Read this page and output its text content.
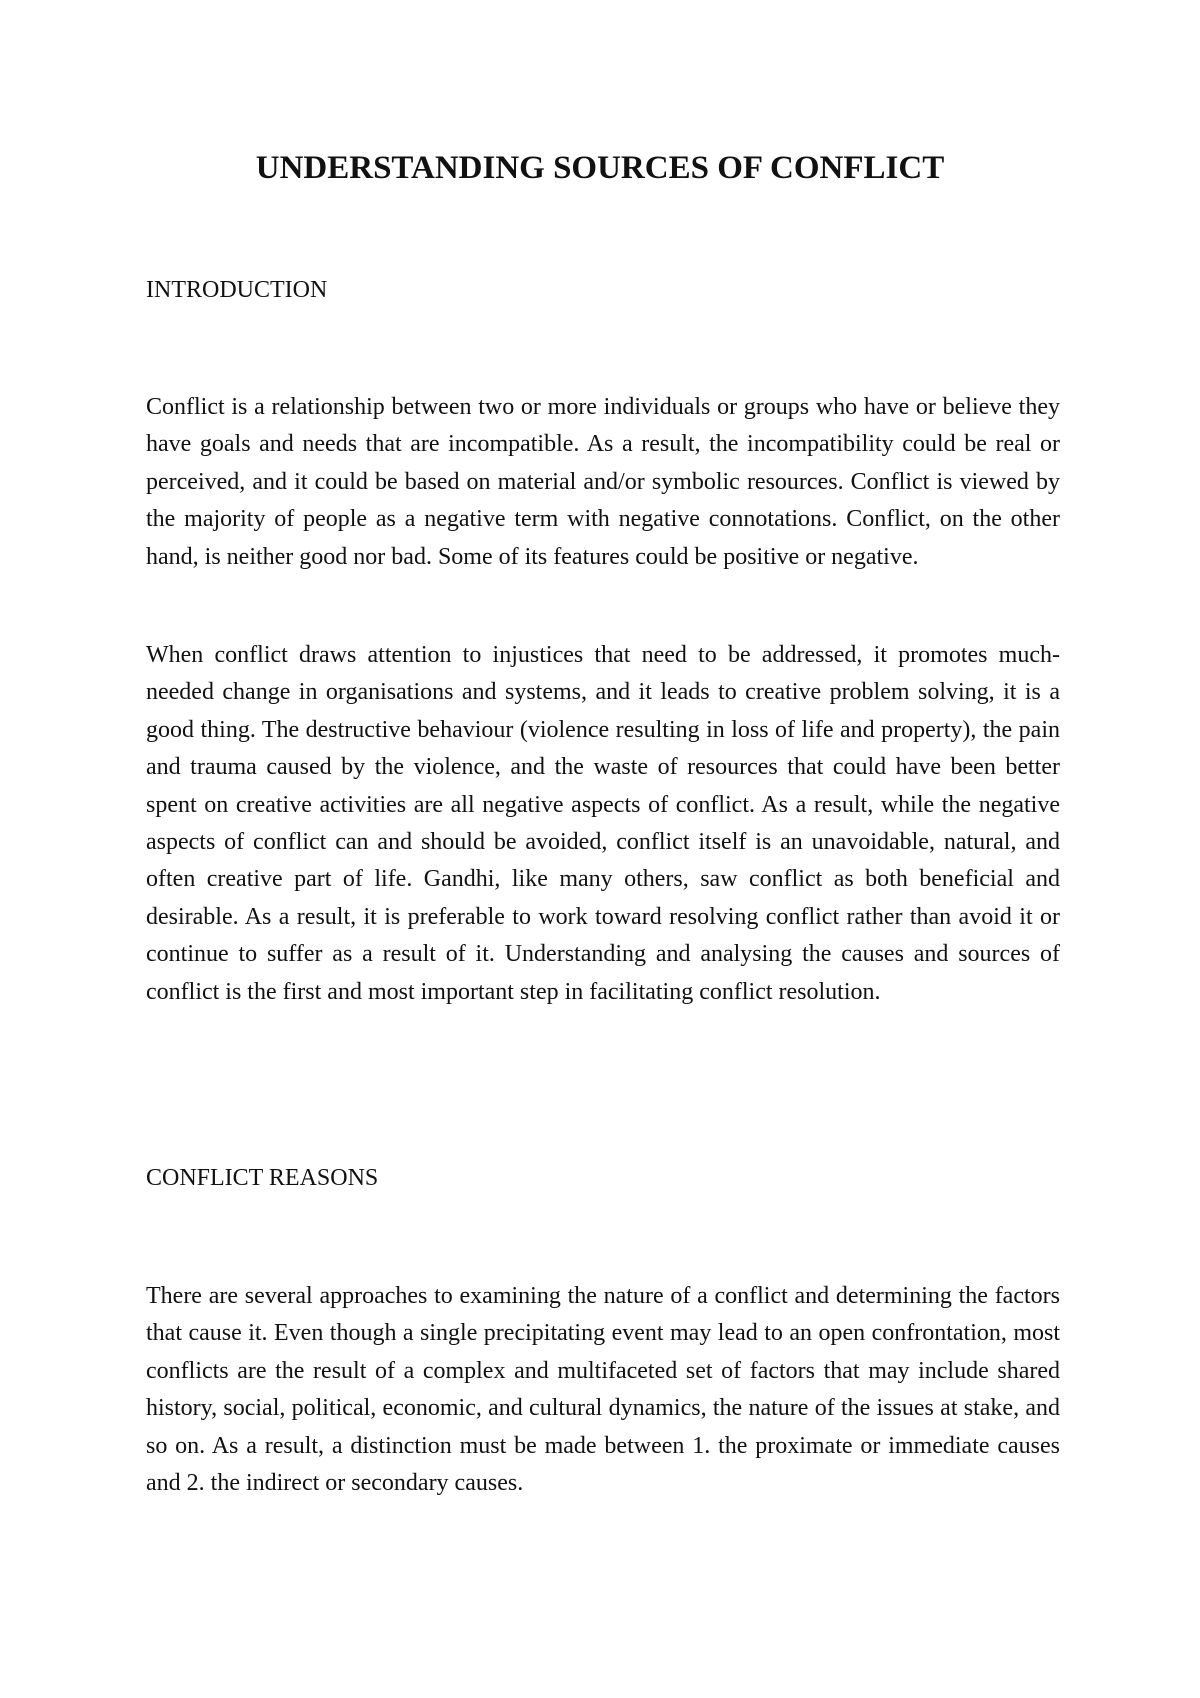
UNDERSTANDING SOURCES OF CONFLICT
INTRODUCTION

Conflict is a relationship between two or more individuals or groups who have or believe they have goals and needs that are incompatible. As a result, the incompatibility could be real or perceived, and it could be based on material and/or symbolic resources. Conflict is viewed by the majority of people as a negative term with negative connotations. Conflict, on the other hand, is neither good nor bad. Some of its features could be positive or negative.

When conflict draws attention to injustices that need to be addressed, it promotes much-needed change in organisations and systems, and it leads to creative problem solving, it is a good thing. The destructive behaviour (violence resulting in loss of life and property), the pain and trauma caused by the violence, and the waste of resources that could have been better spent on creative activities are all negative aspects of conflict. As a result, while the negative aspects of conflict can and should be avoided, conflict itself is an unavoidable, natural, and often creative part of life. Gandhi, like many others, saw conflict as both beneficial and desirable. As a result, it is preferable to work toward resolving conflict rather than avoid it or continue to suffer as a result of it. Understanding and analysing the causes and sources of conflict is the first and most important step in facilitating conflict resolution.

CONFLICT REASONS

There are several approaches to examining the nature of a conflict and determining the factors that cause it. Even though a single precipitating event may lead to an open confrontation, most conflicts are the result of a complex and multifaceted set of factors that may include shared history, social, political, economic, and cultural dynamics, the nature of the issues at stake, and so on. As a result, a distinction must be made between 1. the proximate or immediate causes and 2. the indirect or secondary causes.
